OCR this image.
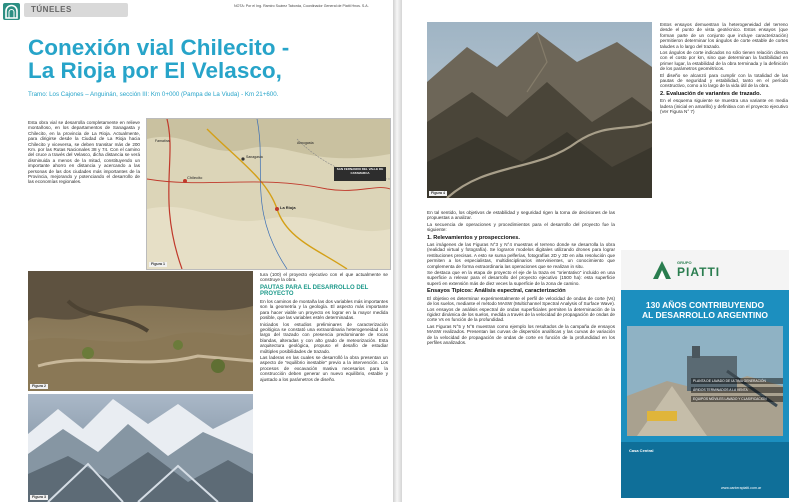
TÚNELES	NOTA: Por el Ing. Ramiro Suárez Taborda, Coordinador General de Piatti Hnos. S.A.
Conexión vial Chilecito -
La Rioja por El Velasco,
Tramo: Los Cajones – Anguinán, sección III: Km 0+000 (Pampa de La Viuda) - Km 21+600.

Esta obra vial se desarrolla completamente en relieve montañoso, en los departamentos de Sanagasta y Chilecito, en la provincia de La Rioja. Actualmente, para dirigirse desde la Ciudad de La Rioja hacia Chilecito y viceversa, se deben transitar más de 200 Km. por las Rutas Nacionales 38 y 74. Con el camino del cruce a través del Velasco, dicha distancia se verá disminuida a menos de la mitad, constituyendo un importante ahorro en distancia y acercando a las personas de las dos ciudades más importantes de la Provincia, mejorando y potenciando el desarrollo de las economías regionales.

SAN FERNANDO DEL VALLE DE CATAMARCA
Chilecito
La Rioja
Sanagasta
Famatina	Aimogasta
Figura 1
Figura 2
Figura 3

tura (100) el proyecto ejecutivo con el que actualmente se construye la obra.

PAUTAS PARA EL DESARROLLO DEL PROYECTO

En los caminos de montaña las dos variables más importantes son la geometría y la geología. El aspecto más importante para hacer viable un proyecto es lograr en la mayor medida posible, que las variables estén determinadas.

Iniciados los estudios preliminares de caracterización geológica se constató una extraordinaria heterogeneidad a lo largo del trazado con presencia predominante de rocas blandas, alteradas y con alto grado de meteorización. Esta arquitectura geológica, propuso el desafío de estudiar múltiples posibilidades de trazado.

Las laderas en las cuales se desarrolló la obra presentan un aspecto de "equilibrio inestable" previo a la intervención. Los procesos de excavación masiva necesarios para la construcción deben generar un nuevo equilibrio, estable y ajustado a los parámetros de diseño.

Figura 4

Estos ensayos demuestran la heterogeneidad del terreno desde el punto de vista geotécnico. Estos ensayos (que forman parte de un conjunto que incluye caracterización) permitieron determinar los ángulos de corte estable de cortes taludes a lo largo del trazado.

Los ángulos de corte indicados no sólo tienen relación directa con el costo por km, sino que determinan la factibilidad en primer lugar, la estabilidad de la obra terminada y la definición de los parámetros geométricos.

El diseño se alcanzó para cumplir con la totalidad de las pautas de seguridad y estabilidad, tanto en el período constructivo, como a lo largo de la vida útil de la obra.

2. Evaluación de variantes de trazado.

En el esquema siguiente se muestra una variante en media ladera (inicial en amarillo) y definitiva con el proyecto ejecutivo (Ver Figura N° 7)

En tal sentido, los objetivos de estabilidad y seguridad rigen la toma de decisiones de las propuestas a analizar.

La secuencia de operaciones y procedimientos para el desarrollo del proyecto fue la siguiente:

1. Relevamientos y prospecciones.

Las imágenes de las Figuras N°3 y N°4 muestras el terreno donde se desarrolla la obra (realidad virtual y fotografía). Se lograron modelos digitales utilizando drones para lograr restituciones precisas. A esto se suma pelferías, fotografías 2D y 3D en alta resolución que permiten a los especialistas, multidisciplinarios intervinientes, un conocimiento que complementa de forma extraordinaria las operaciones que se realizan in situ.

Se destaca que en la etapa de proyecto el eje de la traza es "orientativo" incluido en una superficie a relevar para el desarrollo del proyecto ejecutivo (1500 ha): esta superficie superó en extensión más de diez veces la superficie de la zona de camino.

Ensayos Tipicos: Análisis espectral, caracterización

El objetivo es determinar experimentalmente el perfil de velocidad de ondas de corte (Vs) de los suelos, mediante el método MASW (Multichannel Spectral Analysis of Surface Wave). Los ensayos de análisis espectral de ondas superficiales permiten la determinación de la rigidez dinámica de los suelos, medida a través de la velocidad de propagación de ondas de corte Vs en función de la profundidad.

Las Figuras N°5 y N°6 muestran como ejemplo los resultados de la campaña de ensayos MASW realizados. Presentan las curvas de dispersión analíticas y las curvas de variación de la velocidad de propagación de ondas de corte en función de la profundidad en los perfiles analizados.

GRUPO
PIATTI
130 AÑOS CONTRIBUYENDO
AL DESARROLLO ARGENTINO
PLANTA DE LAVADO DE ULTIMA GENERACIÓN
ÁRIDOS TERMINADOS A LA VENTA
EQUIPOS MÓVILES LAVADO Y CLASIFICACIÓN
Casa Central
www.canterapiatti.com.ar
